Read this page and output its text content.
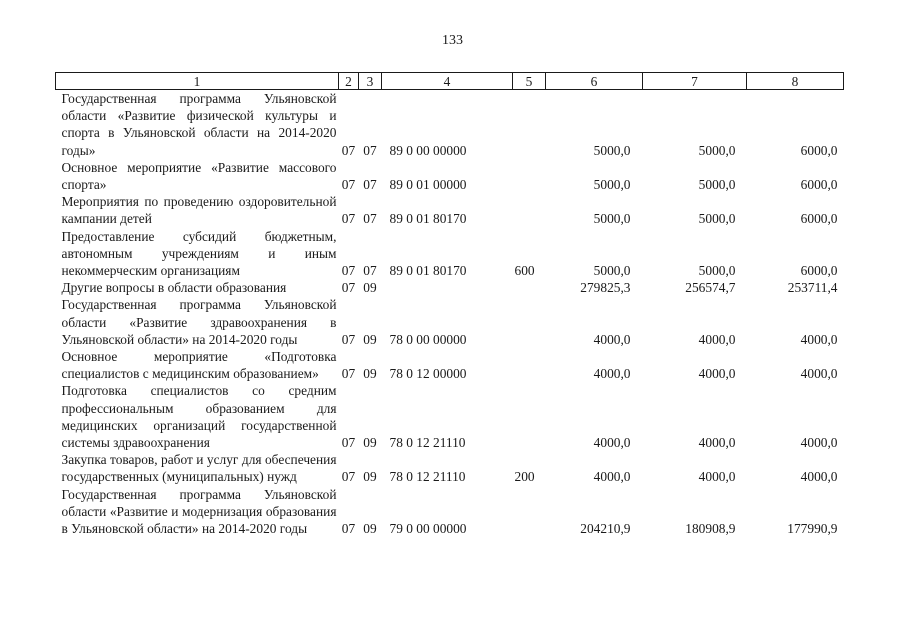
133
1	2	3	4	5	6	7	8
Государственная программа Ульяновской области «Развитие физической культуры и спорта в Ульяновской области на 2014-2020 годы»	07	07	89 0 00 00000		5000,0	5000,0	6000,0
Основное мероприятие «Развитие массового спорта»	07	07	89 0 01 00000		5000,0	5000,0	6000,0
Мероприятия по проведению оздоровительной кампании детей	07	07	89 0 01 80170		5000,0	5000,0	6000,0
Предоставление субсидий бюджетным, автономным учреждениям и иным некоммерческим организациям	07	07	89 0 01 80170	600	5000,0	5000,0	6000,0
Другие вопросы в области образования	07	09			279825,3	256574,7	253711,4
Государственная программа Ульяновской области «Развитие здравоохранения в Ульяновской области» на 2014-2020 годы	07	09	78 0 00 00000		4000,0	4000,0	4000,0
Основное мероприятие «Подготовка специалистов с медицинским образованием»	07	09	78 0 12 00000		4000,0	4000,0	4000,0
Подготовка специалистов со средним профессиональным образованием для медицинских организаций государственной системы здравоохранения	07	09	78 0 12 21110		4000,0	4000,0	4000,0
Закупка товаров, работ и услуг для обеспечения государственных (муниципальных) нужд	07	09	78 0 12 21110	200	4000,0	4000,0	4000,0
Государственная программа Ульяновской области «Развитие и модернизация образования в Ульяновской области» на 2014-2020 годы	07	09	79 0 00 00000		204210,9	180908,9	177990,9
